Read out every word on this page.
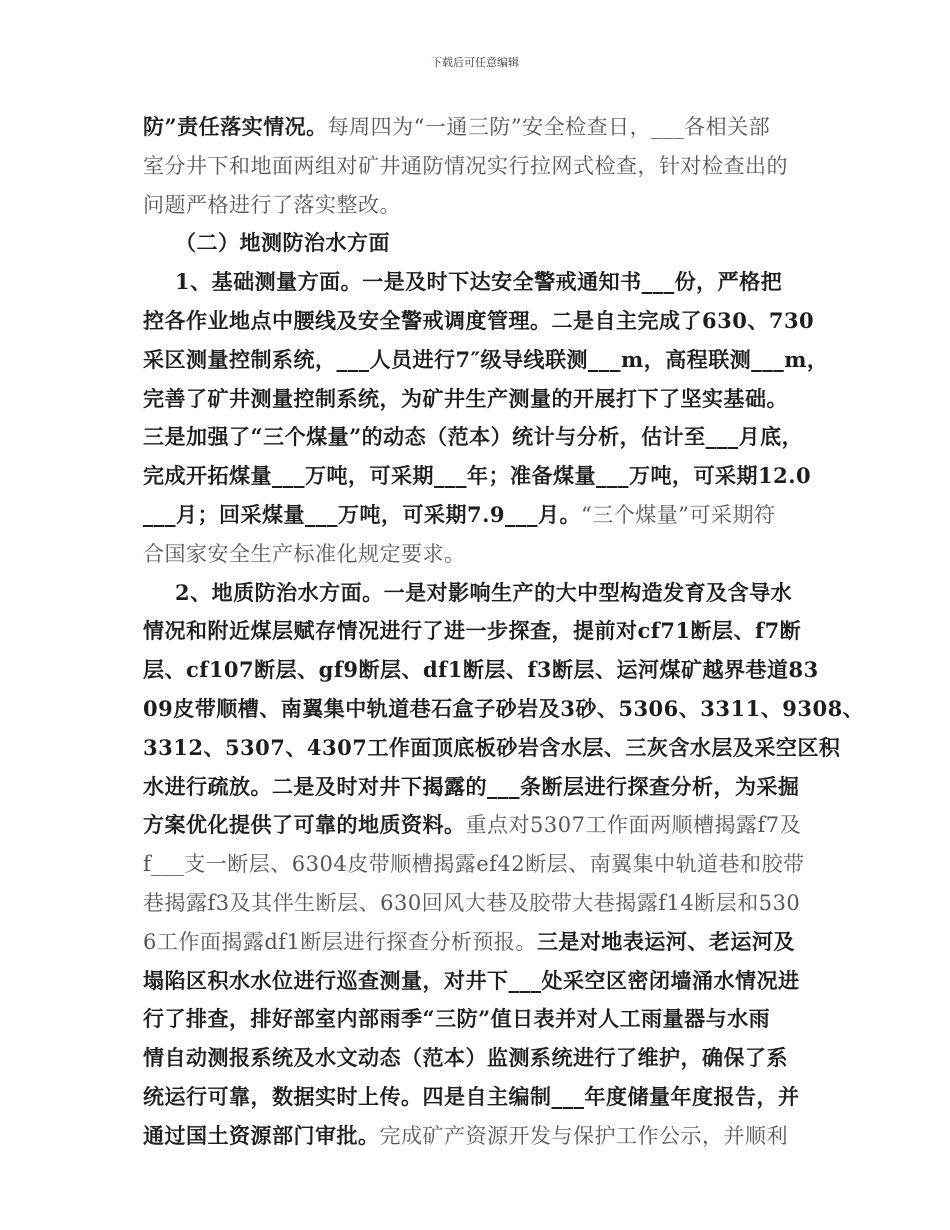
下载后可任意编辑
防”责任落实情况。每周四为“一通三防”安全检查日，___各相关部
室分井下和地面两组对矿井通防情况实行拉网式检查，针对检查出的
问题严格进行了落实整改。
（二）地测防治水方面
1、基础测量方面。一是及时下达安全警戒通知书___份，严格把
控各作业地点中腰线及安全警戒调度管理。二是自主完成了630、730
采区测量控制系统，___人员进行7″级导线联测___m，高程联测___m，
完善了矿井测量控制系统，为矿井生产测量的开展打下了坚实基础。
三是加强了“三个煤量”的动态（范本）统计与分析，估计至___月底，
完成开拓煤量___万吨，可采期___年；准备煤量___万吨，可采期12.0
___月；回采煤量___万吨，可采期7.9___月。“三个煤量”可采期符
合国家安全生产标准化规定要求。
2、地质防治水方面。一是对影响生产的大中型构造发育及含导水
情况和附近煤层赋存情况进行了进一步探查，提前对cf71断层、f7断
层、cf107断层、gf9断层、df1断层、f3断层、运河煤矿越界巷道83
09皮带顺槽、南翼集中轨道巷石盒子砂岩及3砂、5306、3311、9308、
3312、5307、4307工作面顶底板砂岩含水层、三灰含水层及采空区积
水进行疏放。二是及时对井下揭露的___条断层进行探查分析，为采掘
方案优化提供了可靠的地质资料。重点对5307工作面两顺槽揭露f7及
f___支一断层、6304皮带顺槽揭露ef42断层、南翼集中轨道巷和胶带
巷揭露f3及其伴生断层、630回风大巷及胶带大巷揭露f14断层和530
6工作面揭露df1断层进行探查分析预报。三是对地表运河、老运河及
塌陷区积水水位进行巡查测量，对井下___处采空区密闭墙涌水情况进
行了排查，排好部室内部雨季“三防”值日表并对人工雨量器与水雨
情自动测报系统及水文动态（范本）监测系统进行了维护，确保了系
统运行可靠，数据实时上传。四是自主编制___年度储量年度报告，并
通过国土资源部门审批。完成矿产资源开发与保护工作公示，并顺利
